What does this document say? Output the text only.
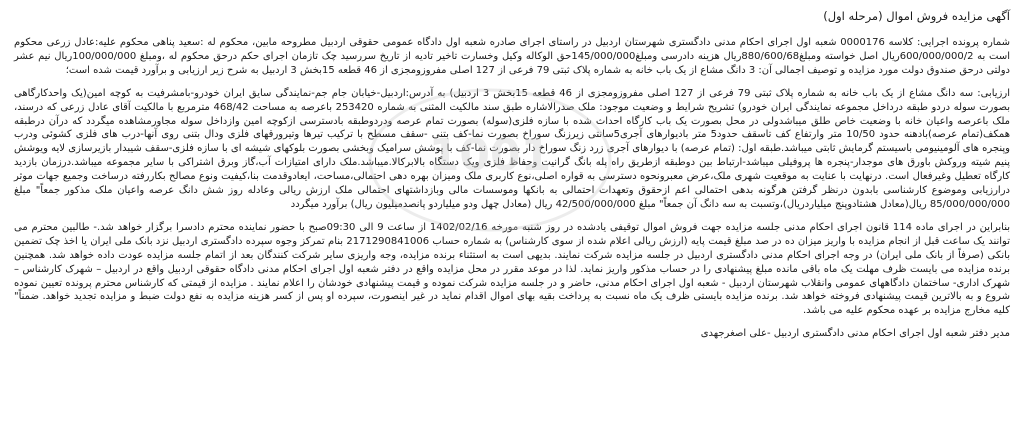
آگهی مزایده فروش اموال (مرحله اول)

شماره پرونده اجرایی: کلاسه 0000176 شعبه اول اجرای احکام مدنی دادگستری شهرستان اردبیل در راستای اجرای صادره شعبه اول دادگاه عمومی حقوقی اردبیل مطروحه مابین، محکوم له :سعید پناهی محکوم علیه:عادل زرعی محکوم است به 600/000/000/2ریال اصل خواسته ومبلغ880/600/68ریال هزینه دادرسی ومبلغ145/000/000حق الوکاله وکیل وخسارت تاخیر تادیه از تاریخ سررسید چک تازمان اجرای حکم درحق محکوم له ،ومبلغ 100/000/000ریال نیم عشر دولتی درحق صندوق دولت مورد مزایده و توصیف اجمالی آن: 3 دانگ مشاع از یک باب خانه به شماره پلاک ثبتی 79 فرعی از 127 اصلی مفروزومجزی از 46 قطعه 15بخش 3 اردبیل به شرح زیر ارزیابی و برآورد قیمت شده است؛

ارزیابی: سه دانگ مشاع از یک باب خانه به شماره پلاک ثبتی 79 فرعی از 127 اصلی مفروزومجزی از 46 قطعه 15بخش 3 اردبیل) به آدرس:اردبیل-خیابان جام جم-نمایندگی سایق ایران خودرو-بامشرفیت به کوچه امین(یک واحدکارگاهی بصورت سوله دردو طبقه درداخل مجموعه نمایندگی ایران خودرو) تشریح شرایط و وضعیت موجود: ملک صدرالاشاره طبق سند مالکیت المثنی به شماره 253420 باعرصه به مساحت 468/42 مترمربع با مالکیت آقای عادل زرعی که درسند، ملک باعرصه واعیان خانه با وضعیت خاص طلق میباشدولی در محل بصورت یک باب کارگاه احداث شده با سازه فلزی(سوله) بصورت تمام عرصه ودردوطبقه بادسترسی ازکوچه امین وازداخل سوله مجاورمشاهده میگردد که درآن درطبقه همکف(تمام عرصه)بادهنه حدود 10/50 متر وارتفاع کف تاسقف حدود5 متر بادیوارهای آجری5سانتی زیرزنگ سوراخ بصورت نما-کف بتنی -سقف مسطح با ترکیب تیرها وتیرورقهای فلزی ودال بتنی روی آنها-درب های فلزی کشوئی ودرب وپنجره های آلومینیومی باسیستم گرمایش ثابتی میباشد.طبقه اول: (تمام عرصه) با دیوارهای آجری زرد زنگ سوراخ دار بصورت نما-کف با پوشش سرامیک وبخشی بصورت بلوکهای شیشه ای با سازه فلزی-سقف شیبدار بازیرسازی لایه ویوشش پنیم شیته وروکش باورق های موجدار-پنجره ها پروفیلی میباشد-ارتباط بین دوطبقه ازطریق راه پله بانگ گرانیت وحفاظ فلزی ویک دستگاه بالابرکالا.میباشد.ملک دارای امتیازات آب،گاز وبرق اشتراکی با سایر مجموعه میباشد.درزمان بازدید کارگاه تعطیل وغیرفعال است. درنهایت با عنایت به موقعیت شهری ملک،عرض معبرونحوه دسترسی به قواره اصلی،نوع کاربری ملک ومیزان بهره دهی احتمالی،مساحت، ایعادوقدمت بنا،کیفیت ونوع مصالح بکاررفته درساخت وجمیع جهات موثر درارزیابی وموضوع کارشناسی بابدون درنظر گرفتن هرگونه بدهی احتمالی اعم ازحقوق وتعهدات احتمالی به بانکها وموسسات مالی وبازداشتهای احتمالی ملک ارزش ریالی وعادله روز شش دانگ عرصه واعیان ملک مذکور جمعاً" مبلغ 85/000/000/000 ریال(معادل هشتادوپنج میلیاردریال)،وتسبت به سه دانگ آن جمعاً" مبلغ 42/500/000/000 ریال (معادل چهل ودو میلیاردو پانصدمیلیون ریال) برآورد میگردد

بنابراین در اجرای ماده 114 قانون اجرای احکام مدنی جلسه مزایده جهت فروش اموال توقیفی یادشده در روز شنبه مورخه 1402/02/16 از ساعت 9 الی 09:30صبح با حضور نماینده محترم دادسرا برگزار خواهد شد.- طالبین محترم می توانند یک ساعت قبل از انجام مزایده با واریز میزان ده در صد مبلغ قیمت پایه (ارزش ریالی اعلام شده از سوی کارشناس) به شماره حساب 2171290841006 بنام تمرکز وجوه سپرده دادگستری اردبیل نزد بانک ملی ایران یا اخذ چک تضمین بانکی (صرفاً از بانک ملی ایران) در وجه اجرای احکام مدنی دادگستری اردبیل در جلسه مزایده شرکت نمایند. بدیهی است به استثناء برنده مزایده، وجه واریزی سایر شرکت کنندگان بعد از اتمام جلسه مزایده عودت داده خواهد شد. همچنین برنده مزایده می بایست ظرف مهلت یک ماه باقی مانده مبلغ پیشنهادی را در حساب مذکور واریز نماید. لذا در موعد مقرر در محل مزایده واقع در دفتر شعبه اول اجرای احکام مدنی دادگاه حقوقی اردبیل واقع در اردبیل – شهرک کارشناس – شهرک اداری- ساختمان دادگاههای عمومی وانقلاب شهرستان اردبیل - شعبه اول اجرای احکام مدنی، حاضر و در جلسه مزایده شرکت نموده و قیمت پیشنهادی خودشان را اعلام نمایند . مزایده از قیمتی که کارشناس محترم پرونده تعیین نموده شروع و به بالاترین قیمت پیشنهادی فروخته خواهد شد. برنده مزایده بایستی ظرف یک ماه نسبت به پرداخت بقیه بهای اموال اقدام نماید در غیر اینصورت، سپرده او پس از کسر هزینه مزایده به نفع دولت ضبط و مزایده تجدید خواهد. ضمناً" کلیه مخارج مزایده بر عهده محکوم علیه می باشد.

مدیر دفتر شعبه اول اجرای احکام مدنی دادگستری اردبیل -علی اصغرجهدی

1001
